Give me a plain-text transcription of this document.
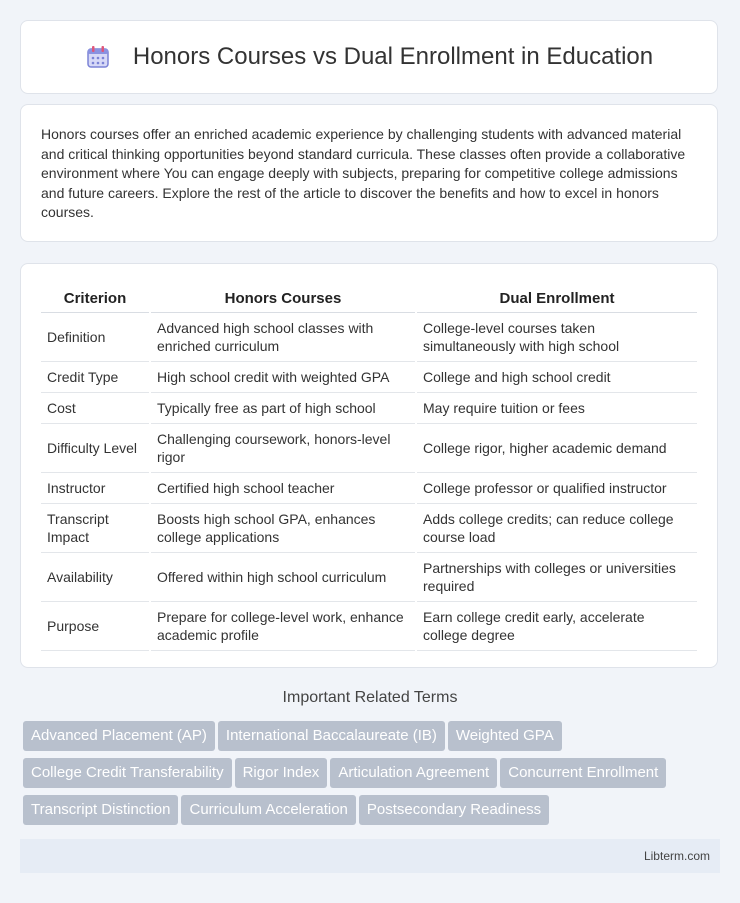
Honors Courses vs Dual Enrollment in Education

Honors courses offer an enriched academic experience by challenging students with advanced material and critical thinking opportunities beyond standard curricula. These classes often provide a collaborative environment where You can engage deeply with subjects, preparing for competitive college admissions and future careers. Explore the rest of the article to discover the benefits and how to excel in honors courses.

Criterion	Honors Courses	Dual Enrollment
Definition	Advanced high school classes with enriched curriculum	College-level courses taken simultaneously with high school
Credit Type	High school credit with weighted GPA	College and high school credit
Cost	Typically free as part of high school	May require tuition or fees
Difficulty Level	Challenging coursework, honors-level rigor	College rigor, higher academic demand
Instructor	Certified high school teacher	College professor or qualified instructor
Transcript Impact	Boosts high school GPA, enhances college applications	Adds college credits; can reduce college course load
Availability	Offered within high school curriculum	Partnerships with colleges or universities required
Purpose	Prepare for college-level work, enhance academic profile	Earn college credit early, accelerate college degree
Important Related Terms
Advanced Placement (AP) International Baccalaureate (IB) Weighted GPA
College Credit Transferability Rigor Index Articulation Agreement Concurrent Enrollment
Transcript Distinction Curriculum Acceleration Postsecondary Readiness
Libterm.com
